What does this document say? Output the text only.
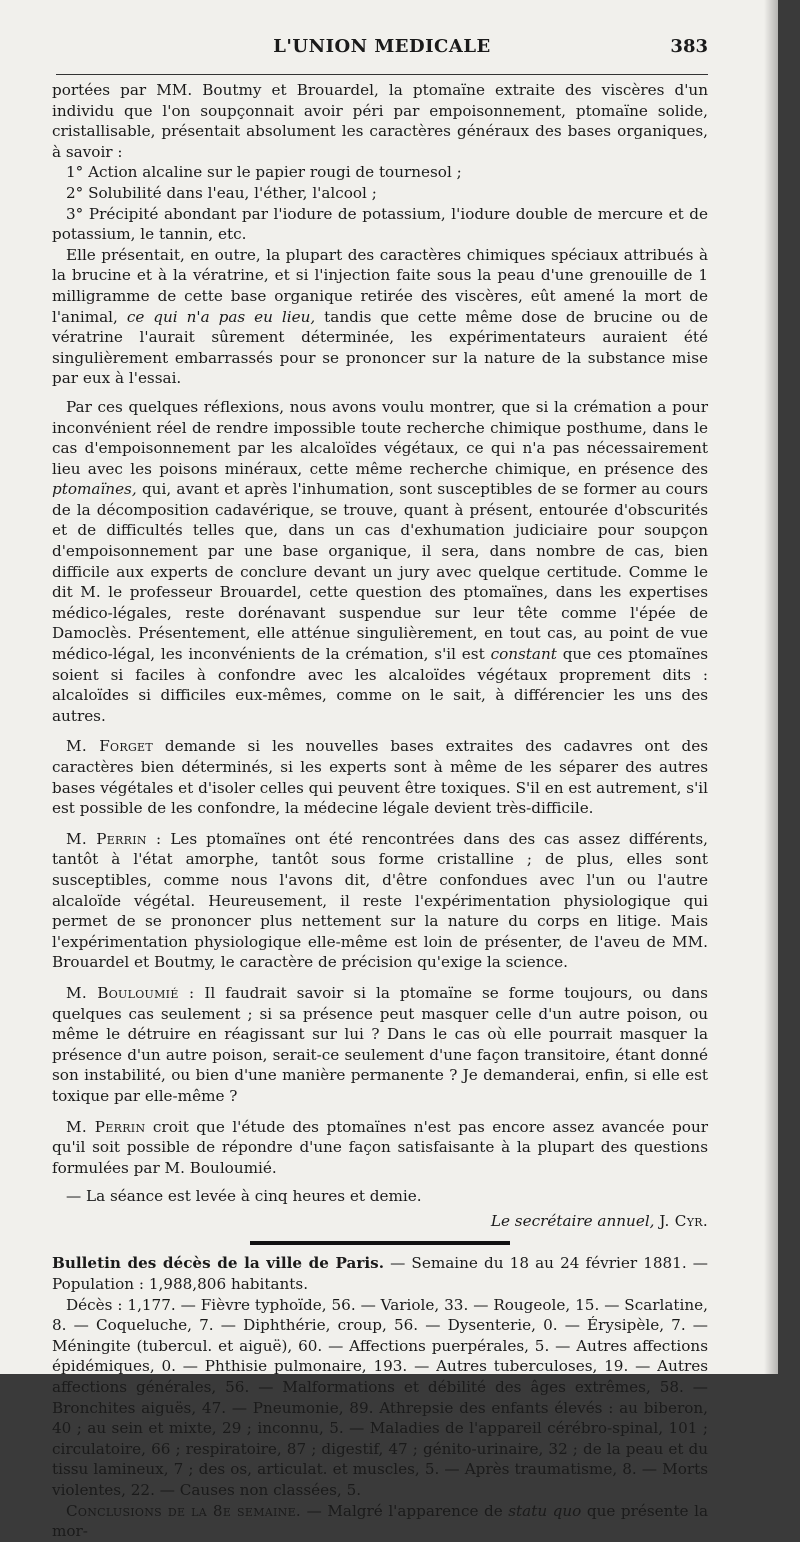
L'UNION MEDICALE	383

portées par MM. Boutmy et Brouardel, la ptomaïne extraite des viscères d'un individu que l'on soupçonnait avoir péri par empoisonnement, ptomaïne solide, cristallisable, présentait absolument les caractères généraux des bases organiques, à savoir :

1° Action alcaline sur le papier rougi de tournesol ;

2° Solubilité dans l'eau, l'éther, l'alcool ;

3° Précipité abondant par l'iodure de potassium, l'iodure double de mercure et de potassium, le tannin, etc.

Elle présentait, en outre, la plupart des caractères chimiques spéciaux attribués à la brucine et à la vératrine, et si l'injection faite sous la peau d'une grenouille de 1 milligramme de cette base organique retirée des viscères, eût amené la mort de l'animal, ce qui n'a pas eu lieu, tandis que cette même dose de brucine ou de vératrine l'aurait sûrement déterminée, les expérimentateurs auraient été singulièrement embarrassés pour se prononcer sur la nature de la substance mise par eux à l'essai.

Par ces quelques réflexions, nous avons voulu montrer, que si la crémation a pour inconvénient réel de rendre impossible toute recherche chimique posthume, dans le cas d'empoisonnement par les alcaloïdes végétaux, ce qui n'a pas nécessairement lieu avec les poisons minéraux, cette même recherche chimique, en présence des ptomaïnes, qui, avant et après l'inhumation, sont susceptibles de se former au cours de la décomposition cadavérique, se trouve, quant à présent, entourée d'obscurités et de difficultés telles que, dans un cas d'exhumation judiciaire pour soupçon d'empoisonnement par une base organique, il sera, dans nombre de cas, bien difficile aux experts de conclure devant un jury avec quelque certitude. Comme le dit M. le professeur Brouardel, cette question des ptomaïnes, dans les expertises médico-légales, reste dorénavant suspendue sur leur tête comme l'épée de Damoclès. Présentement, elle atténue singulièrement, en tout cas, au point de vue médico-légal, les inconvénients de la crémation, s'il est constant que ces ptomaïnes soient si faciles à confondre avec les alcaloïdes végétaux proprement dits : alcaloïdes si difficiles eux-mêmes, comme on le sait, à différencier les uns des autres.

M. Forget demande si les nouvelles bases extraites des cadavres ont des caractères bien déterminés, si les experts sont à même de les séparer des autres bases végétales et d'isoler celles qui peuvent être toxiques. S'il en est autrement, s'il est possible de les confondre, la médecine légale devient très-difficile.

M. Perrin : Les ptomaïnes ont été rencontrées dans des cas assez différents, tantôt à l'état amorphe, tantôt sous forme cristalline ; de plus, elles sont susceptibles, comme nous l'avons dit, d'être confondues avec l'un ou l'autre alcaloïde végétal. Heureusement, il reste l'expérimentation physiologique qui permet de se prononcer plus nettement sur la nature du corps en litige. Mais l'expérimentation physiologique elle-même est loin de présenter, de l'aveu de MM. Brouardel et Boutmy, le caractère de précision qu'exige la science.

M. Bouloumié : Il faudrait savoir si la ptomaïne se forme toujours, ou dans quelques cas seulement ; si sa présence peut masquer celle d'un autre poison, ou même le détruire en réagissant sur lui ? Dans le cas où elle pourrait masquer la présence d'un autre poison, serait-ce seulement d'une façon transitoire, étant donné son instabilité, ou bien d'une manière permanente ? Je demanderai, enfin, si elle est toxique par elle-même ?

M. Perrin croit que l'étude des ptomaïnes n'est pas encore assez avancée pour qu'il soit possible de répondre d'une façon satisfaisante à la plupart des questions formulées par M. Bouloumié.

— La séance est levée à cinq heures et demie.

Le secrétaire annuel, J. Cyr.

Bulletin des décès de la ville de Paris. — Semaine du 18 au 24 février 1881. — Population : 1,988,806 habitants.

Décès : 1,177. — Fièvre typhoïde, 56. — Variole, 33. — Rougeole, 15. — Scarlatine, 8. — Coqueluche, 7. — Diphthérie, croup, 56. — Dysenterie, 0. — Érysipèle, 7. — Méningite (tubercul. et aiguë), 60. — Affections puerpérales, 5. — Autres affections épidémiques, 0. — Phthisie pulmonaire, 193. — Autres tuberculoses, 19. — Autres affections générales, 56. — Malformations et débilité des âges extrêmes, 58. — Bronchites aiguës, 47. — Pneumonie, 89. Athrepsie des enfants élevés : au biberon, 40 ; au sein et mixte, 29 ; inconnu, 5. — Maladies de l'appareil cérébro-spinal, 101 ; circulatoire, 66 ; respiratoire, 87 ; digestif, 47 ; génito-urinaire, 32 ; de la peau et du tissu lamineux, 7 ; des os, articulat. et muscles, 5. — Après traumatisme, 8. — Morts violentes, 22. — Causes non classées, 5.

Conclusions de la 8e semaine. — Malgré l'apparence de statu quo que présente la mor-
